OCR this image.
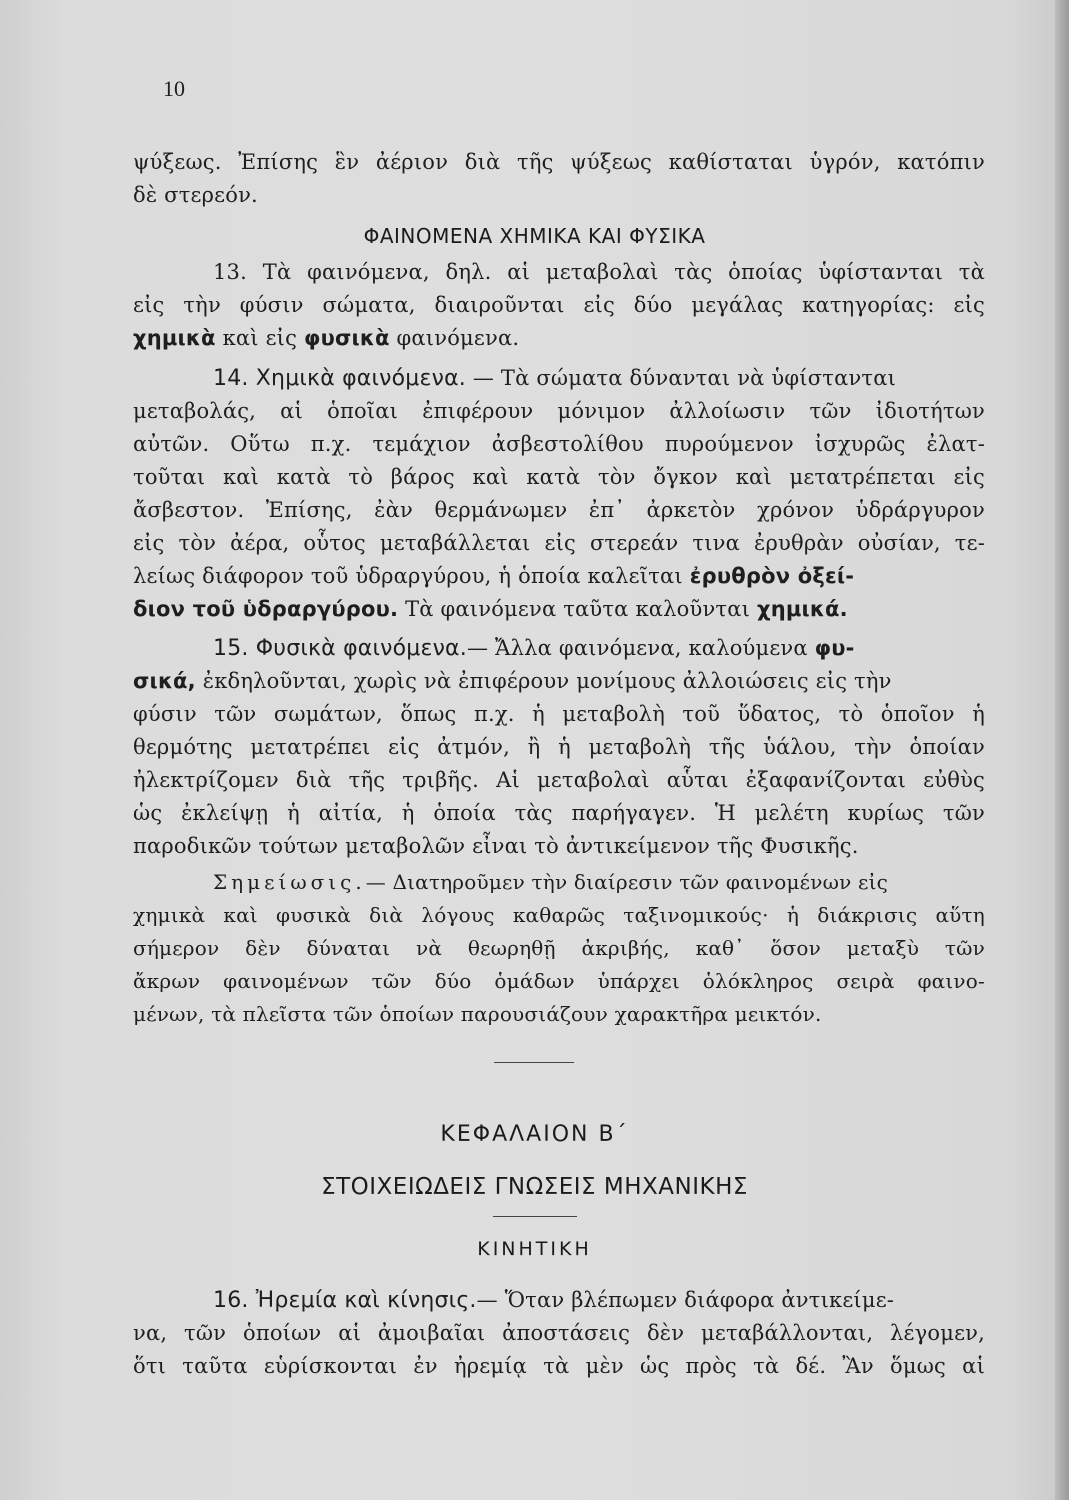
10
ψύξεως. Ἐπίσης ἓν ἀέριον διὰ τῆς ψύξεως καθίσταται ὑγρόν, κατόπιν
δὲ στερεόν.
ΦΑΙΝΟΜΕΝΑ ΧΗΜΙΚΑ ΚΑΙ ΦΥΣΙΚΑ
13. Τὰ φαινόμενα, δηλ. αἱ μεταβολαὶ τὰς ὁποίας ὑφίστανται τὰ
εἰς τὴν φύσιν σώματα, διαιροῦνται εἰς δύο μεγάλας κατηγορίας: εἰς
χημικὰ καὶ εἰς φυσικὰ φαινόμενα.
14. Χημικὰ φαινόμενα. — Τὰ σώματα δύνανται νὰ ὑφίστανται
μεταβολάς, αἱ ὁποῖαι ἐπιφέρουν μόνιμον ἀλλοίωσιν τῶν ἰδιοτήτων
αὐτῶν. Οὕτω π.χ. τεμάχιον ἀσβεστολίθου πυρούμενον ἰσχυρῶς ἐλατ-
τοῦται καὶ κατὰ τὸ βάρος καὶ κατὰ τὸν ὄγκον καὶ μετατρέπεται εἰς
ἄσβεστον. Ἐπίσης, ἐὰν θερμάνωμεν ἐπ᾽ ἀρκετὸν χρόνον ὑδράργυρον
εἰς τὸν ἀέρα, οὗτος μεταβάλλεται εἰς στερεάν τινα ἐρυθρὰν οὐσίαν, τε-
λείως διάφορον τοῦ ὑδραργύρου, ἡ ὁποία καλεῖται ἐρυθρὸν ὀξεί-
διον τοῦ ὑδραργύρου. Τὰ φαινόμενα ταῦτα καλοῦνται χημικά.
15. Φυσικὰ φαινόμενα.— Ἄλλα φαινόμενα, καλούμενα φυ-
σικά, ἐκδηλοῦνται, χωρὶς νὰ ἐπιφέρουν μονίμους ἀλλοιώσεις εἰς τὴν
φύσιν τῶν σωμάτων, ὅπως π.χ. ἡ μεταβολὴ τοῦ ὕδατος, τὸ ὁποῖον ἡ
θερμότης μετατρέπει εἰς ἀτμόν, ἢ ἡ μεταβολὴ τῆς ὑάλου, τὴν ὁποίαν
ἠλεκτρίζομεν διὰ τῆς τριβῆς. Αἱ μεταβολαὶ αὗται ἐξαφανίζονται εὐθὺς
ὡς ἐκλείψῃ ἡ αἰτία, ἡ ὁποία τὰς παρήγαγεν. Ἡ μελέτη κυρίως τῶν
παροδικῶν τούτων μεταβολῶν εἶναι τὸ ἀντικείμενον τῆς Φυσικῆς.
Σημείωσις.— Διατηροῦμεν τὴν διαίρεσιν τῶν φαινομένων εἰς
χημικὰ καὶ φυσικὰ διὰ λόγους καθαρῶς ταξινομικούς· ἡ διάκρισις αὕτη
σήμερον δὲν δύναται νὰ θεωρηθῇ ἀκριβής, καθ᾽ ὅσον μεταξὺ τῶν
ἄκρων φαινομένων τῶν δύο ὁμάδων ὑπάρχει ὁλόκληρος σειρὰ φαινο-
μένων, τὰ πλεῖστα τῶν ὁποίων παρουσιάζουν χαρακτῆρα μεικτόν.
ΚΕΦΑΛΑΙΟΝ Β΄
ΣΤΟΙΧΕΙΩΔΕΙΣ ΓΝΩΣΕΙΣ ΜΗΧΑΝΙΚΗΣ
ΚΙΝΗΤΙΚΗ
16. Ἠρεμία καὶ κίνησις.— Ὅταν βλέπωμεν διάφορα ἀντικείμε-
να, τῶν ὁποίων αἱ ἀμοιβαῖαι ἀποστάσεις δὲν μεταβάλλονται, λέγομεν,
ὅτι ταῦτα εὑρίσκονται ἐν ἠρεμίᾳ τὰ μὲν ὡς πρὸς τὰ δέ. Ἂν ὅμως αἱ
